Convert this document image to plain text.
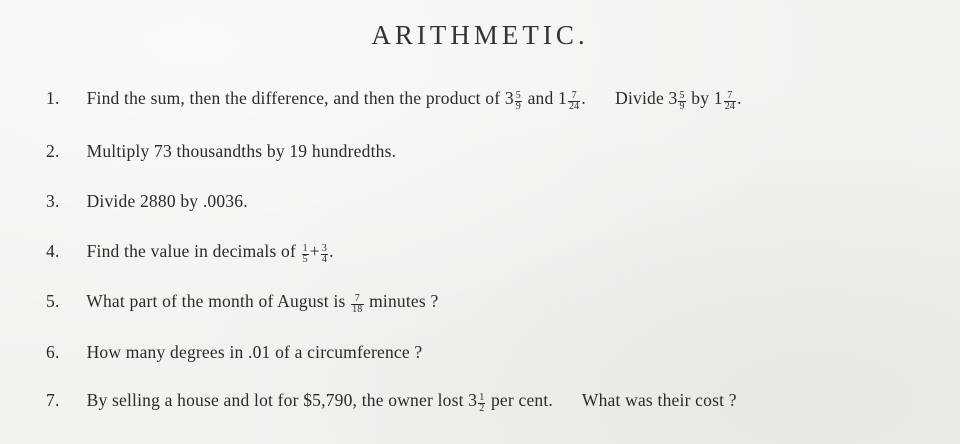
ARITHMETIC.
1. Find the sum, then the difference, and then the product of $3 \frac{5}{9}$ and $1 \frac{7}{24}$ . Divide $3 \frac{5}{9}$ by $1 \frac{7}{24}$ .
2. Multiply 73 thousandths by 19 hundredths.
3. Divide 2880 by .0036.
4. Find the value in decimals of $\frac{1}{5} + \frac{3}{4}$ .
5. What part of the month of August is $\frac{7}{18}$ minutes ?
6. How many degrees in .01 of a circumference ?
7. By selling a house and lot for $5,790, the owner lost $3 \frac{1}{2}$ per cent. What was their cost ?
